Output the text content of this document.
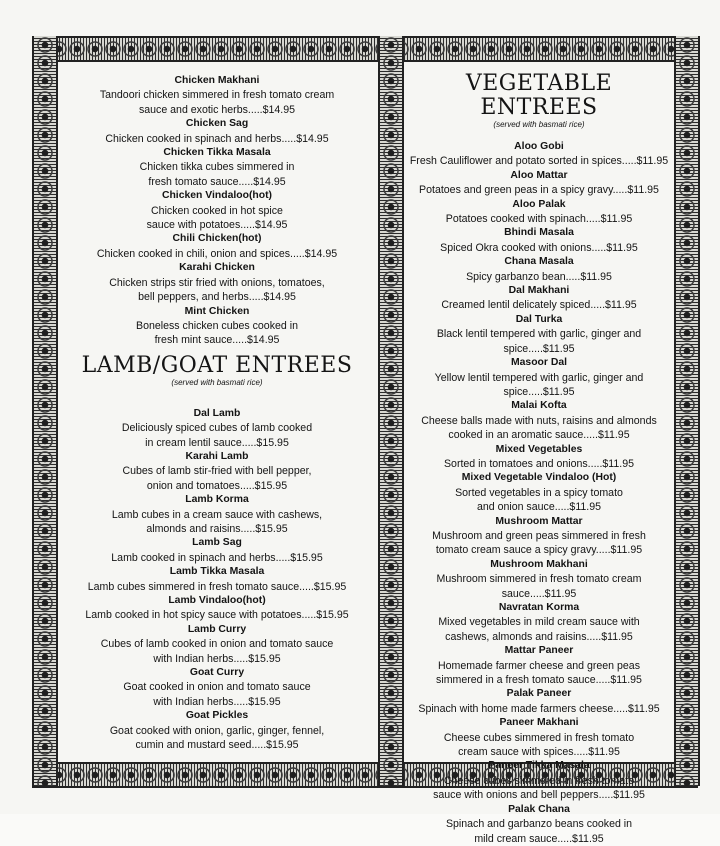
Chicken Makhani
Tandoori chicken simmered in fresh tomato cream
sauce and exotic herbs.....$14.95
Chicken Sag
Chicken cooked in spinach and herbs.....$14.95
Chicken Tikka Masala
Chicken tikka cubes simmered in
fresh tomato sauce.....$14.95
Chicken Vindaloo(hot)
Chicken cooked in hot spice
sauce with potatoes.....$14.95
Chili Chicken(hot)
Chicken cooked in chili, onion and spices.....$14.95
Karahi Chicken
Chicken strips stir fried with onions, tomatoes,
bell peppers, and herbs.....$14.95
Mint Chicken
Boneless chicken cubes cooked in
fresh mint sauce.....$14.95
LAMB/GOAT ENTREES
(served with basmati rice)
Dal Lamb
Deliciously spiced cubes of lamb cooked
in cream lentil sauce.....$15.95
Karahi Lamb
Cubes of lamb stir-fried with bell pepper,
onion and tomatoes.....$15.95
Lamb Korma
Lamb cubes in a cream sauce with cashews,
almonds and raisins.....$15.95
Lamb Sag
Lamb cooked in spinach and herbs.....$15.95
Lamb Tikka Masala
Lamb cubes simmered in fresh tomato sauce.....$15.95
Lamb Vindaloo(hot)
Lamb cooked in hot spicy sauce with potatoes.....$15.95
Lamb Curry
Cubes of lamb cooked in onion and tomato sauce
with Indian herbs.....$15.95
Goat Curry
Goat cooked in onion and tomato sauce
with Indian herbs.....$15.95
Goat Pickles
Goat cooked with onion, garlic, ginger, fennel,
cumin and mustard seed.....$15.95
VEGETABLE ENTREES
(served with basmati rice)
Aloo Gobi
Fresh Cauliflower and potato sorted in spices.....$11.95
Aloo Mattar
Potatoes and green peas in a spicy gravy.....$11.95
Aloo Palak
Potatoes cooked with spinach.....$11.95
Bhindi Masala
Spiced Okra cooked with onions.....$11.95
Chana Masala
Spicy garbanzo bean.....$11.95
Dal Makhani
Creamed lentil delicately spiced.....$11.95
Dal Turka
Black lentil tempered with garlic, ginger and
spice.....$11.95
Masoor Dal
Yellow lentil tempered with garlic, ginger and
spice.....$11.95
Malai Kofta
Cheese balls made with nuts, raisins and almonds
cooked in an aromatic sauce.....$11.95
Mixed Vegetables
Sorted in tomatoes and onions.....$11.95
Mixed Vegetable Vindaloo (Hot)
Sorted vegetables in a spicy tomato
and onion sauce.....$11.95
Mushroom Mattar
Mushroom and green peas simmered in fresh
tomato cream sauce a spicy gravy.....$11.95
Mushroom Makhani
Mushroom simmered in fresh tomato cream
sauce.....$11.95
Navratan Korma
Mixed vegetables in mild cream sauce with
cashews, almonds and raisins.....$11.95
Mattar Paneer
Homemade farmer cheese and green peas
simmered in a fresh tomato sauce.....$11.95
Palak Paneer
Spinach with home made farmers cheese.....$11.95
Paneer Makhani
Cheese cubes simmered in fresh tomato
cream sauce with spices.....$11.95
Paneer Tikka Masala
Cheese cubes simmered in fresh tomato
sauce with onions and bell peppers.....$11.95
Palak Chana
Spinach and garbanzo beans cooked in
mild cream sauce.....$11.95
